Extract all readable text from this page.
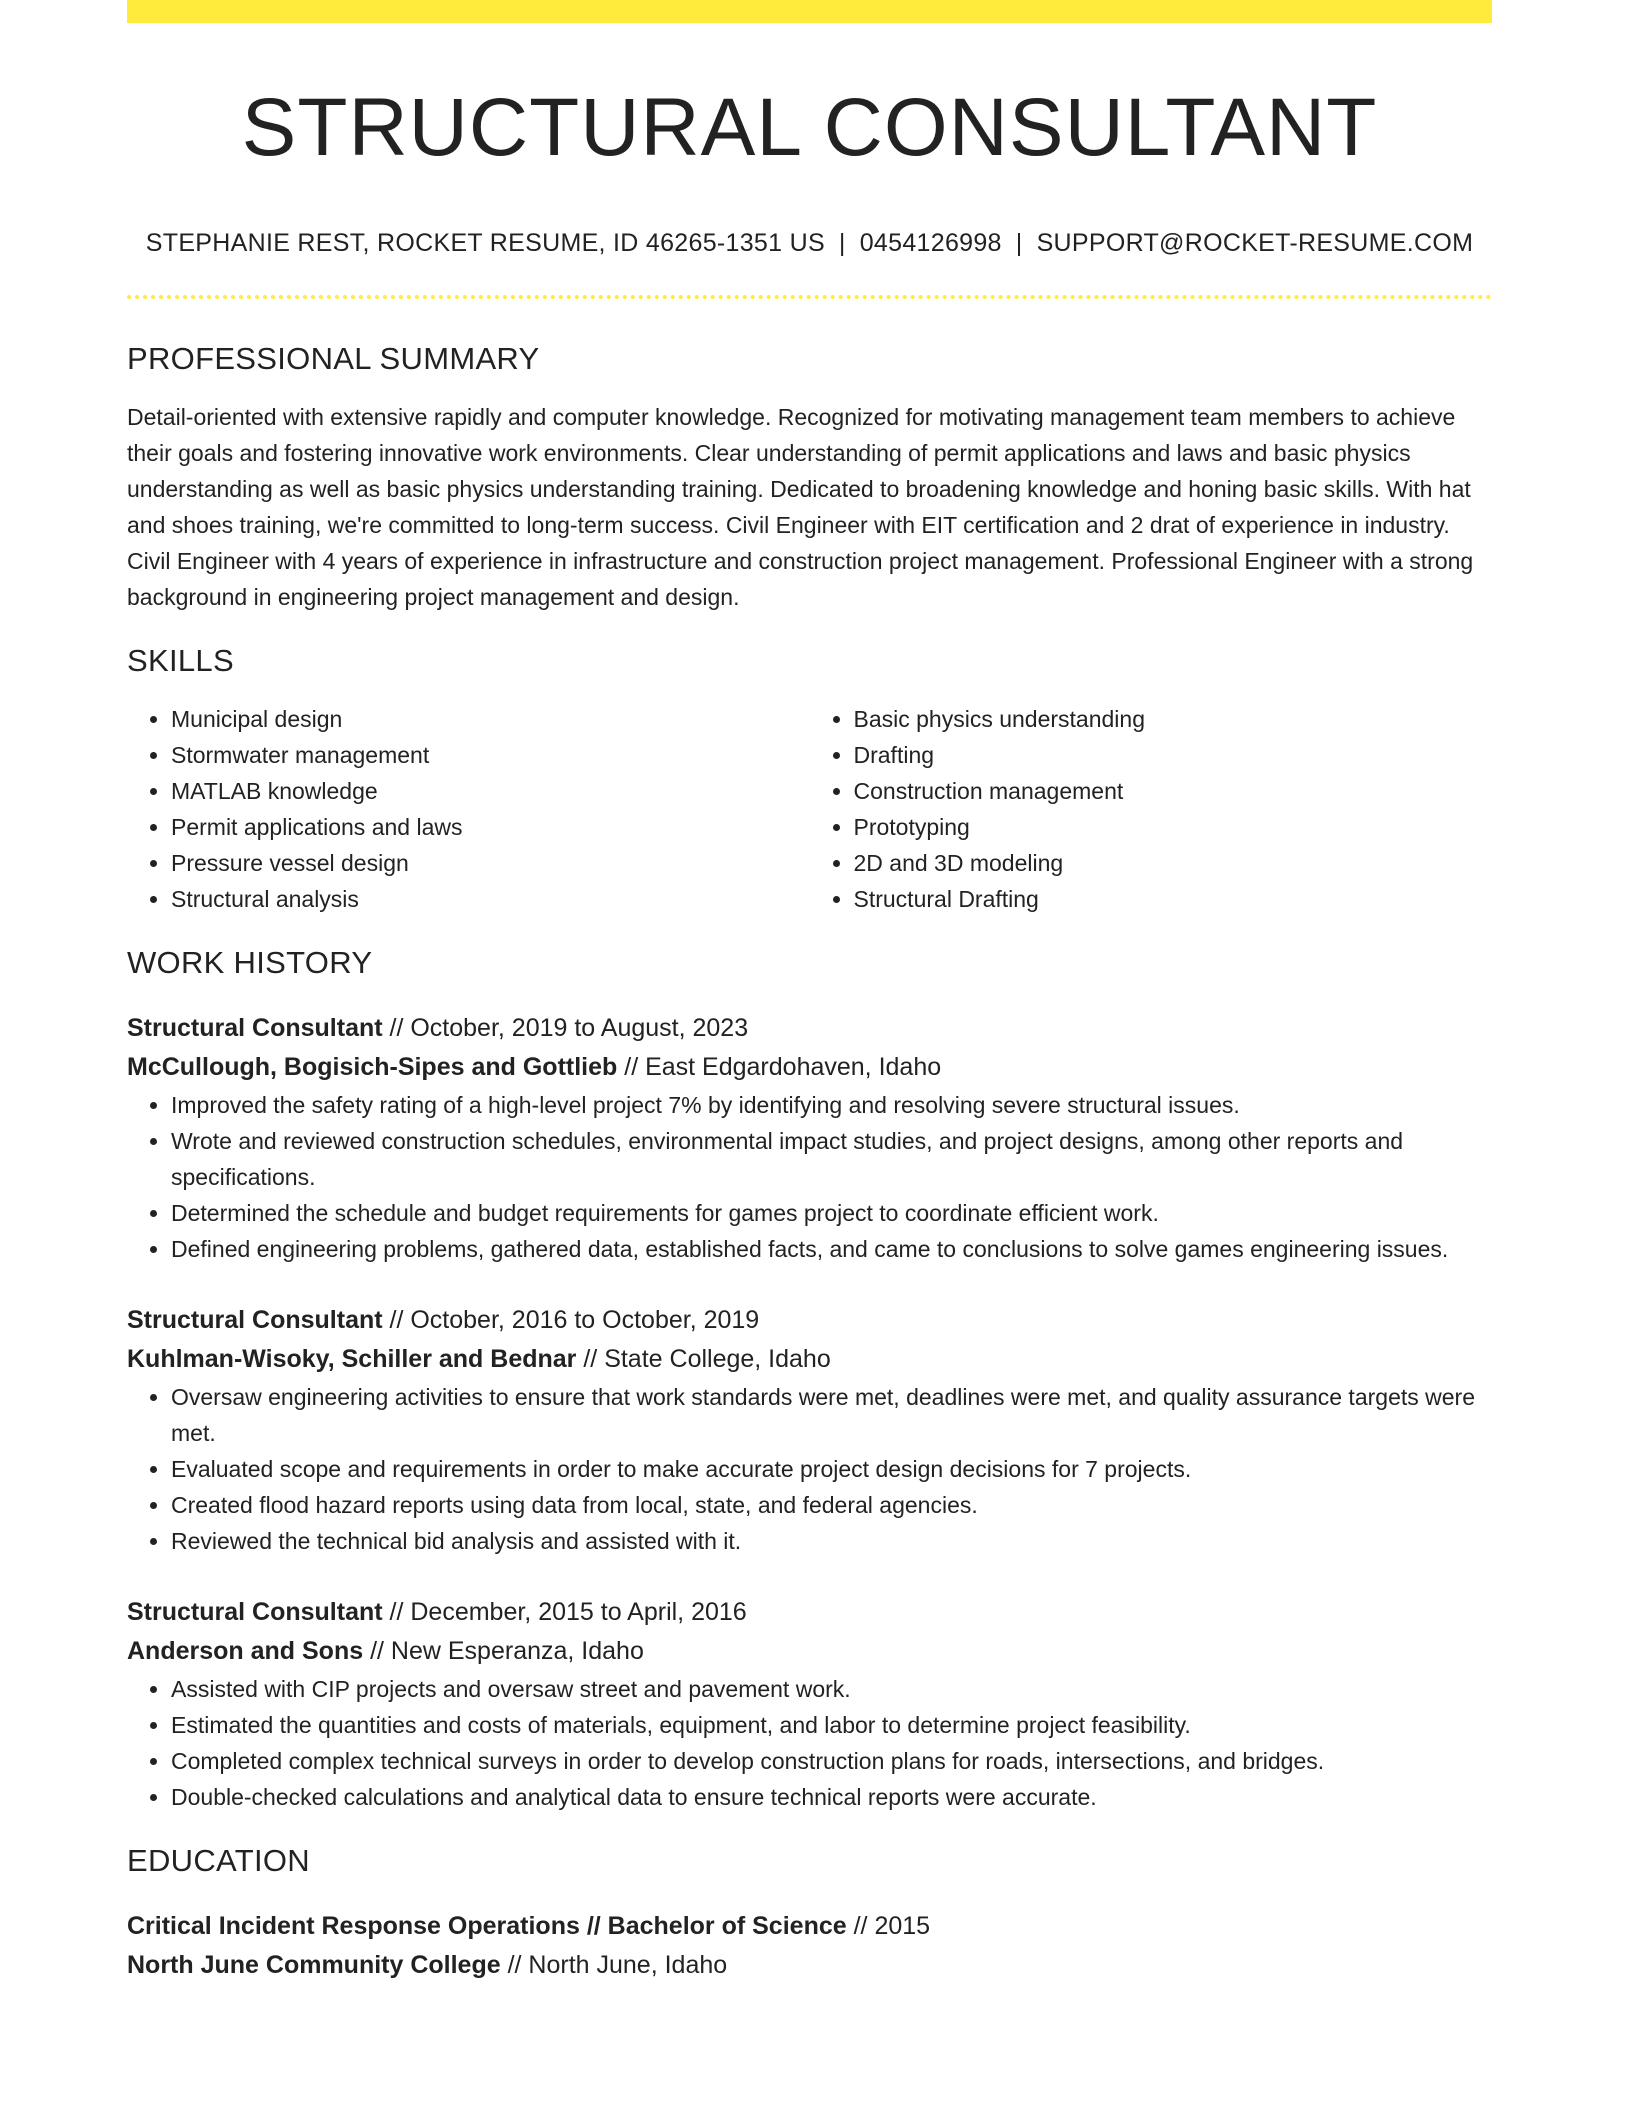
STRUCTURAL CONSULTANT
STEPHANIE REST, ROCKET RESUME, ID 46265-1351 US | 0454126998 | SUPPORT@ROCKET-RESUME.COM
PROFESSIONAL SUMMARY
Detail-oriented with extensive rapidly and computer knowledge. Recognized for motivating management team members to achieve their goals and fostering innovative work environments. Clear understanding of permit applications and laws and basic physics understanding as well as basic physics understanding training. Dedicated to broadening knowledge and honing basic skills. With hat and shoes training, we're committed to long-term success. Civil Engineer with EIT certification and 2 drat of experience in industry. Civil Engineer with 4 years of experience in infrastructure and construction project management. Professional Engineer with a strong background in engineering project management and design.
SKILLS
• Municipal design
• Stormwater management
• MATLAB knowledge
• Permit applications and laws
• Pressure vessel design
• Structural analysis
• Basic physics understanding
• Drafting
• Construction management
• Prototyping
• 2D and 3D modeling
• Structural Drafting
WORK HISTORY
Structural Consultant // October, 2019 to August, 2023
McCullough, Bogisich-Sipes and Gottlieb // East Edgardohaven, Idaho
• Improved the safety rating of a high-level project 7% by identifying and resolving severe structural issues.
• Wrote and reviewed construction schedules, environmental impact studies, and project designs, among other reports and specifications.
• Determined the schedule and budget requirements for games project to coordinate efficient work.
• Defined engineering problems, gathered data, established facts, and came to conclusions to solve games engineering issues.
Structural Consultant // October, 2016 to October, 2019
Kuhlman-Wisoky, Schiller and Bednar // State College, Idaho
• Oversaw engineering activities to ensure that work standards were met, deadlines were met, and quality assurance targets were met.
• Evaluated scope and requirements in order to make accurate project design decisions for 7 projects.
• Created flood hazard reports using data from local, state, and federal agencies.
• Reviewed the technical bid analysis and assisted with it.
Structural Consultant // December, 2015 to April, 2016
Anderson and Sons // New Esperanza, Idaho
• Assisted with CIP projects and oversaw street and pavement work.
• Estimated the quantities and costs of materials, equipment, and labor to determine project feasibility.
• Completed complex technical surveys in order to develop construction plans for roads, intersections, and bridges.
• Double-checked calculations and analytical data to ensure technical reports were accurate.
EDUCATION
Critical Incident Response Operations // Bachelor of Science // 2015
North June Community College // North June, Idaho
